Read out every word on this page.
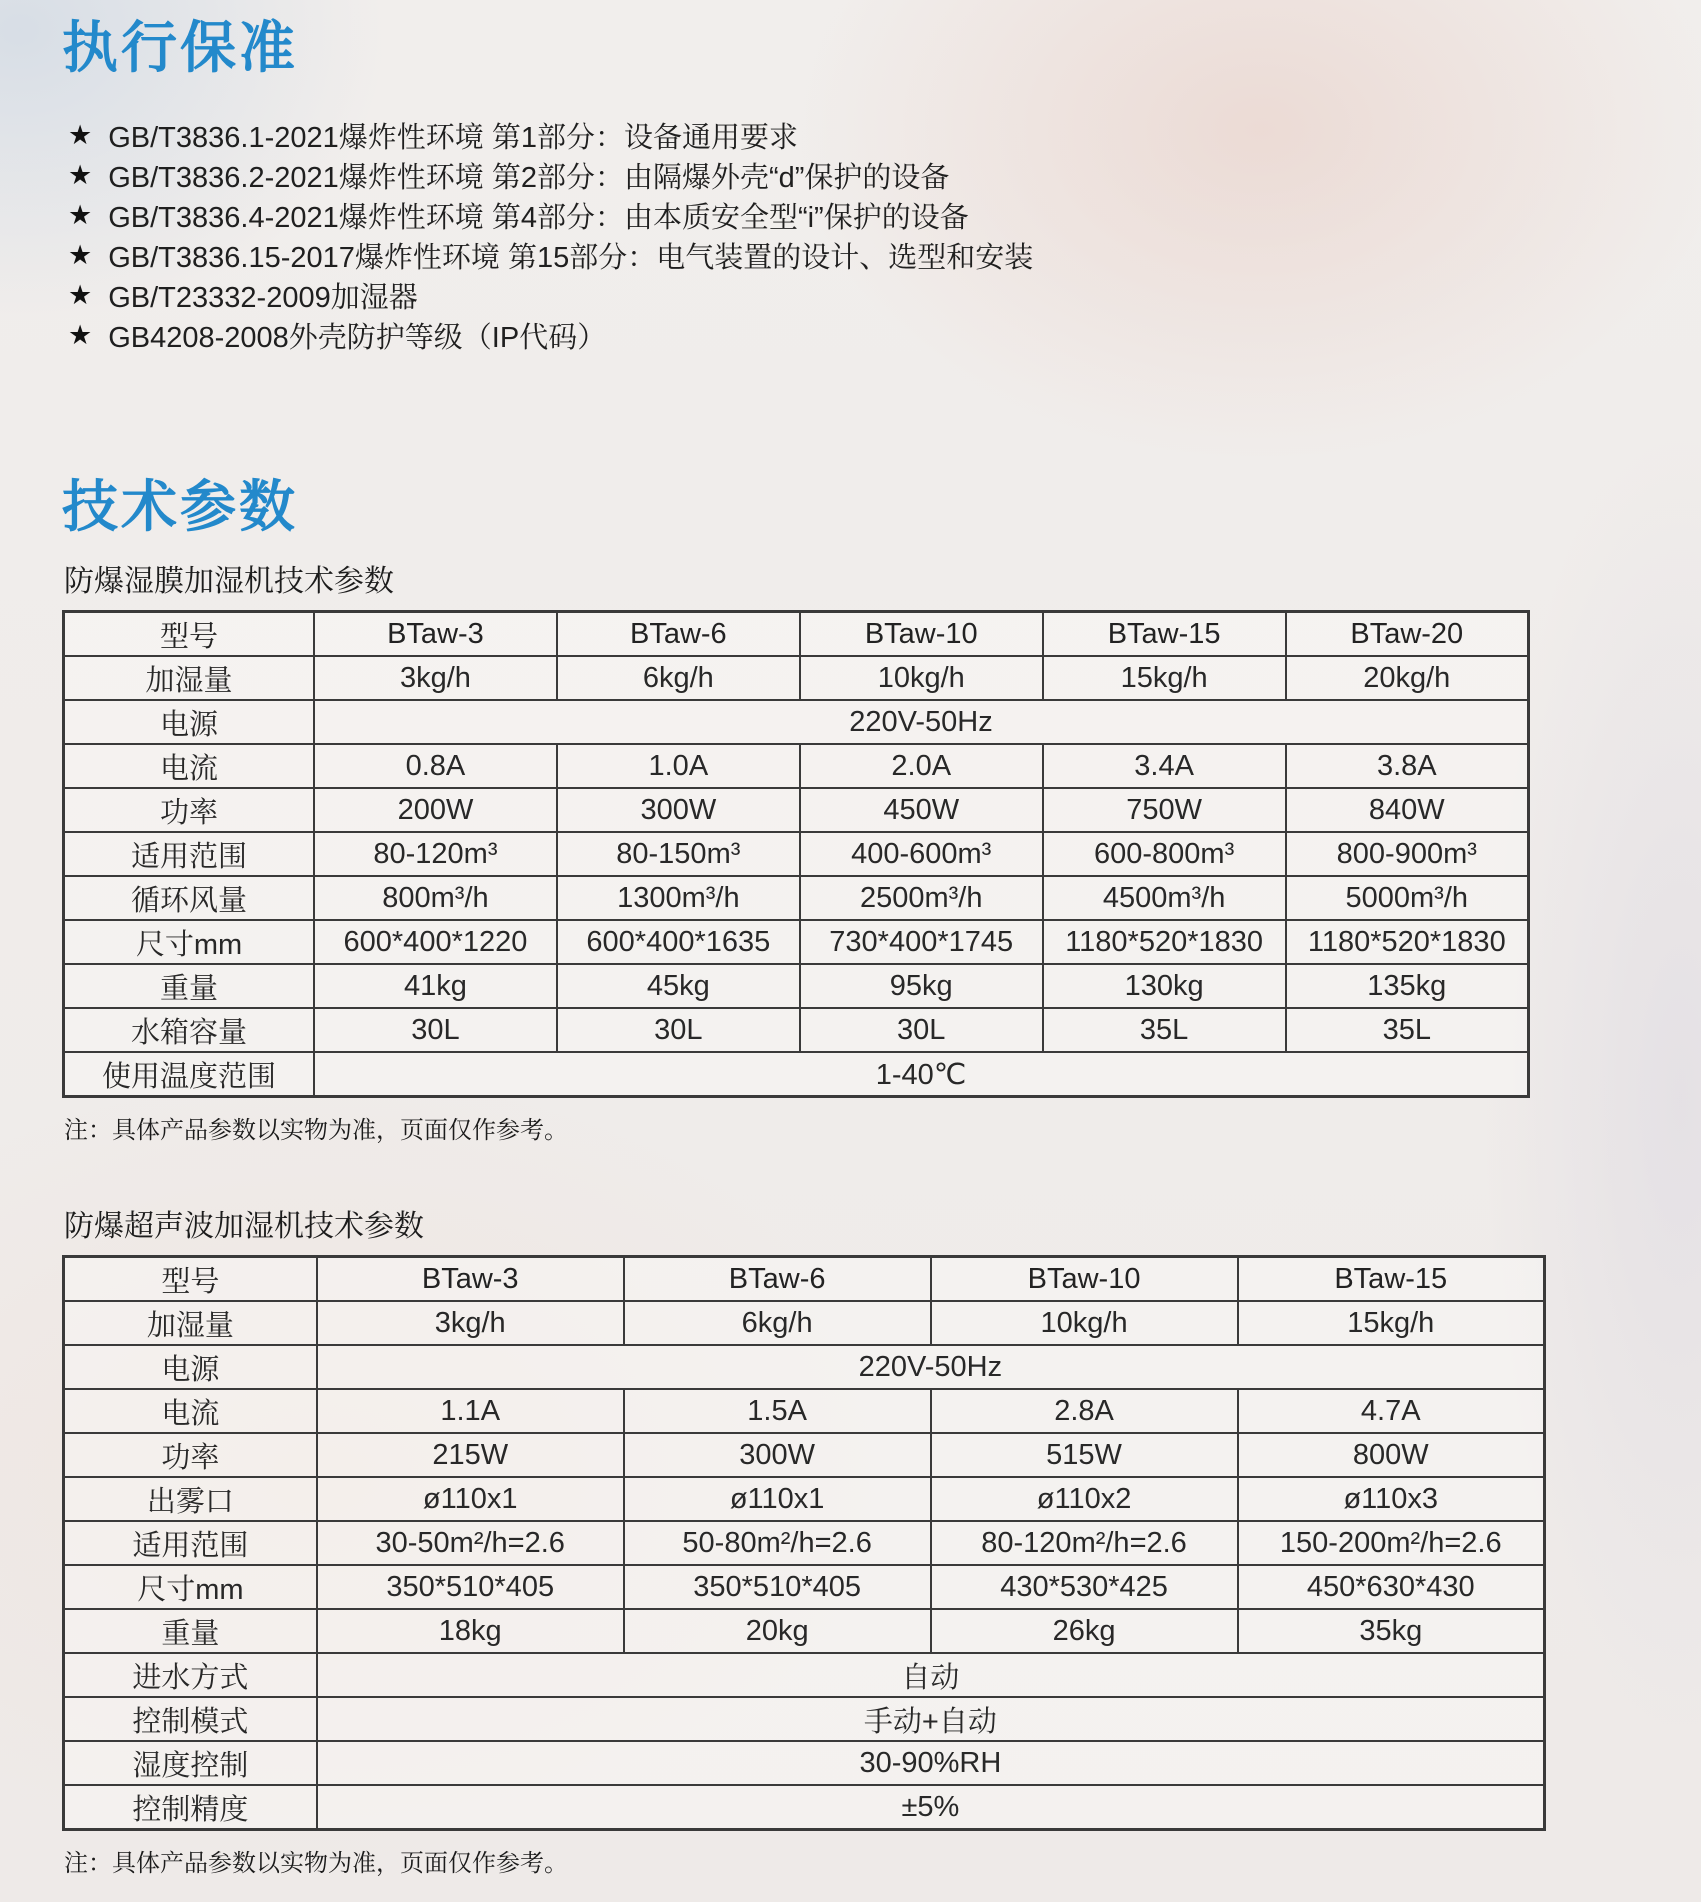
执行保准
★ GB/T3836.1-2021爆炸性环境 第1部分：设备通用要求
★ GB/T3836.2-2021爆炸性环境 第2部分：由隔爆外壳“d”保护的设备
★ GB/T3836.4-2021爆炸性环境 第4部分：由本质安全型“i”保护的设备
★ GB/T3836.15-2017爆炸性环境 第15部分：电气装置的设计、选型和安装
★ GB/T23332-2009加湿器
★ GB4208-2008外壳防护等级（IP代码）
技术参数
防爆湿膜加湿机技术参数
型号	BTaw-3	BTaw-6	BTaw-10	BTaw-15	BTaw-20
加湿量	3kg/h	6kg/h	10kg/h	15kg/h	20kg/h
电源	220V-50Hz				
电流	0.8A	1.0A	2.0A	3.4A	3.8A
功率	200W	300W	450W	750W	840W
适用范围	80-120m³	80-150m³	400-600m³	600-800m³	800-900m³
循环风量	800m³/h	1300m³/h	2500m³/h	4500m³/h	5000m³/h
尺寸mm	600*400*1220	600*400*1635	730*400*1745	1180*520*1830	1180*520*1830
重量	41kg	45kg	95kg	130kg	135kg
水箱容量	30L	30L	30L	35L	35L
使用温度范围	1-40℃				
注：具体产品参数以实物为准，页面仅作参考。
防爆超声波加湿机技术参数
型号	BTaw-3	BTaw-6	BTaw-10	BTaw-15
加湿量	3kg/h	6kg/h	10kg/h	15kg/h
电源	220V-50Hz			
电流	1.1A	1.5A	2.8A	4.7A
功率	215W	300W	515W	800W
出雾口	ø110x1	ø110x1	ø110x2	ø110x3
适用范围	30-50m²/h=2.6	50-80m²/h=2.6	80-120m²/h=2.6	150-200m²/h=2.6
尺寸mm	350*510*405	350*510*405	430*530*425	450*630*430
重量	18kg	20kg	26kg	35kg
进水方式	自动			
控制模式	手动+自动			
湿度控制	30-90%RH			
控制精度	±5%			
注：具体产品参数以实物为准，页面仅作参考。
